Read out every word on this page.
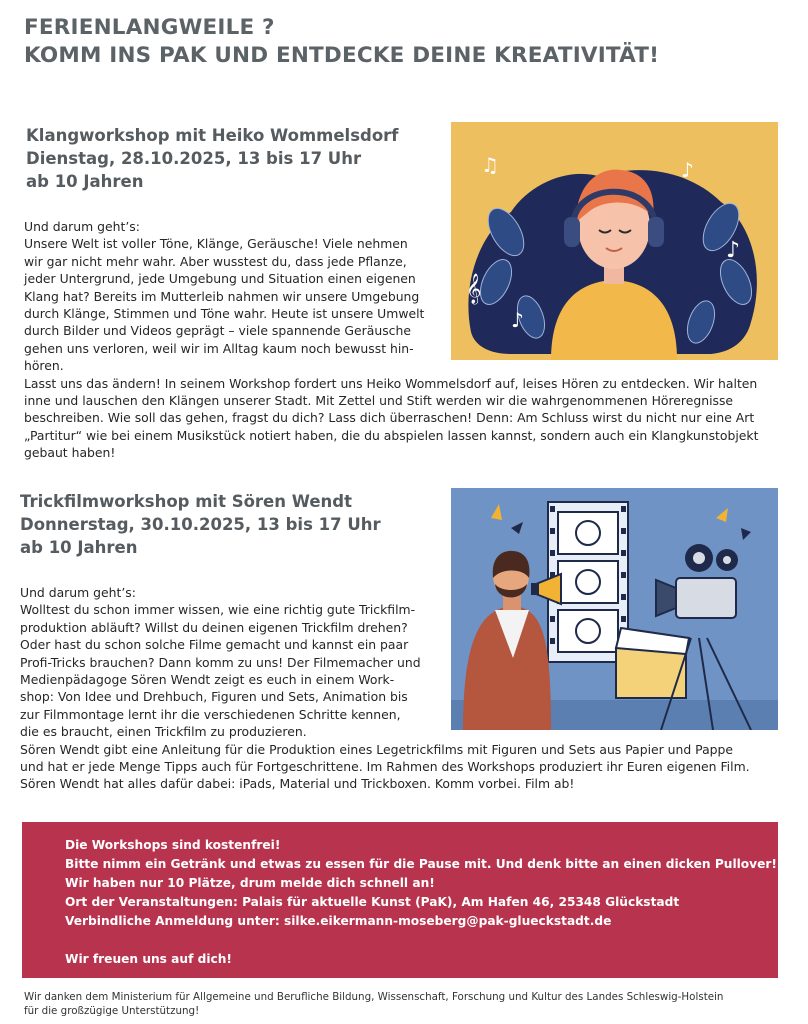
FERIENLANGWEILE ?
KOMM INS PAK UND ENTDECKE DEINE KREATIVITÄT!
Klangworkshop mit Heiko Wommelsdorf
Dienstag, 28.10.2025, 13 bis 17 Uhr
ab 10 Jahren
Und darum geht’s:
Unsere Welt ist voller Töne, Klänge, Geräusche! Viele nehmen
wir gar nicht mehr wahr. Aber wusstest du, dass jede Pflanze,
jeder Untergrund, jede Umgebung und Situation einen eigenen
Klang hat? Bereits im Mutterleib nahmen wir unsere Umgebung
durch Klänge, Stimmen und Töne wahr. Heute ist unsere Umwelt
durch Bilder und Videos geprägt – viele spannende Geräusche
gehen uns verloren, weil wir im Alltag kaum noch bewusst hin-
hören.
Lasst uns das ändern! In seinem Workshop fordert uns Heiko Wommelsdorf auf, leises Hören zu entdecken. Wir halten
inne und lauschen den Klängen unserer Stadt. Mit Zettel und Stift werden wir die wahrgenommenen Höreregnisse
beschreiben. Wie soll das gehen, fragst du dich? Lass dich überraschen! Denn: Am Schluss wirst du nicht nur eine Art
„Partitur“ wie bei einem Musikstück notiert haben, die du abspielen lassen kannst, sondern auch ein Klangkunstobjekt
gebaut haben!
♫	♪
♪
♪
𝄞
Trickfilmworkshop mit Sören Wendt
Donnerstag, 30.10.2025, 13 bis 17 Uhr
ab 10 Jahren
Und darum geht’s:
Wolltest du schon immer wissen, wie eine richtig gute Trickfilm-
produktion abläuft? Willst du deinen eigenen Trickfilm drehen?
Oder hast du schon solche Filme gemacht und kannst ein paar
Profi-Tricks brauchen? Dann komm zu uns! Der Filmemacher und
Medienpädagoge Sören Wendt zeigt es euch in einem Work-
shop: Von Idee und Drehbuch, Figuren und Sets, Animation bis
zur Filmmontage lernt ihr die verschiedenen Schritte kennen,
die es braucht, einen Trickfilm zu produzieren.
Sören Wendt gibt eine Anleitung für die Produktion eines Legetrickfilms mit Figuren und Sets aus Papier und Pappe
und hat er jede Menge Tipps auch für Fortgeschrittene. Im Rahmen des Workshops produziert ihr Euren eigenen Film.
Sören Wendt hat alles dafür dabei: iPads, Material und Trickboxen. Komm vorbei. Film ab!
Die Workshops sind kostenfrei!
Bitte nimm ein Getränk und etwas zu essen für die Pause mit. Und denk bitte an einen dicken Pullover!
Wir haben nur 10 Plätze, drum melde dich schnell an!
Ort der Veranstaltungen: Palais für aktuelle Kunst (PaK), Am Hafen 46, 25348 Glückstadt
Verbindliche Anmeldung unter: silke.eikermann-moseberg@pak-glueckstadt.de
Wir freuen uns auf dich!
Wir danken dem Ministerium für Allgemeine und Berufliche Bildung, Wissenschaft, Forschung und Kultur des Landes Schleswig-Holstein
für die großzügige Unterstützung!
